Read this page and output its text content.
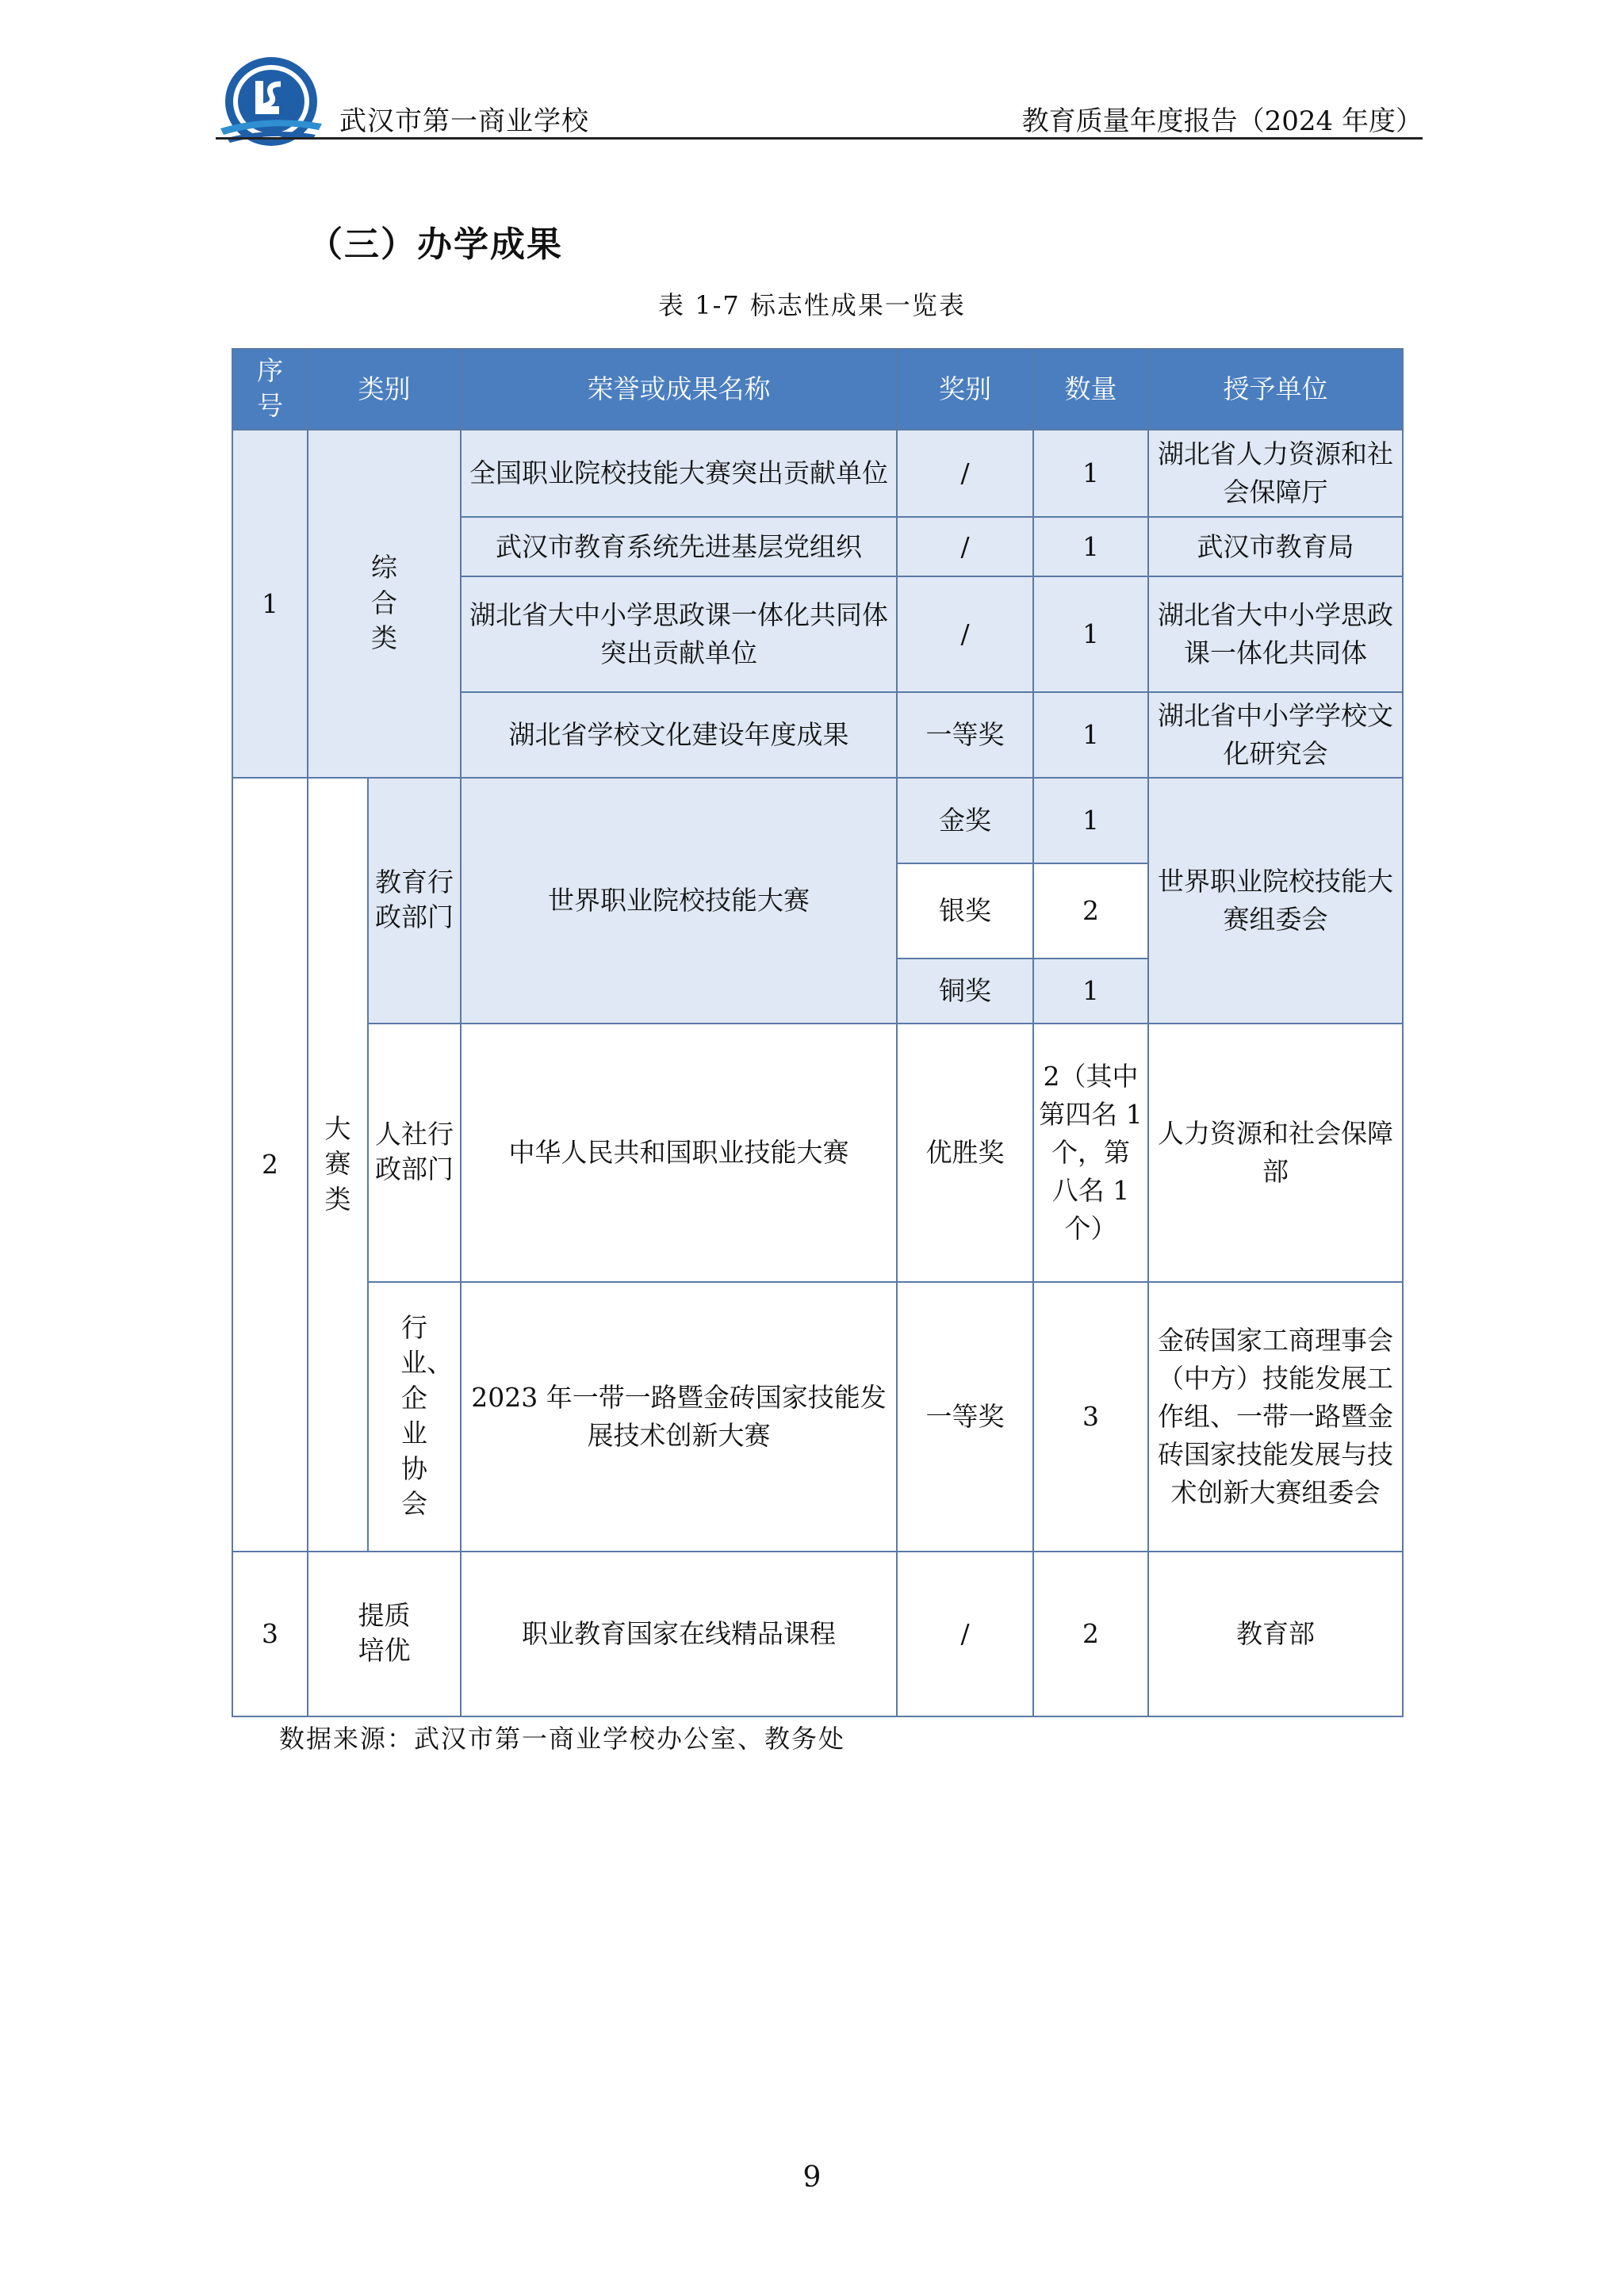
武汉市第一商业学校	教育质量年度报告（2024 年度）
（三）办学成果
表 1-7 标志性成果一览表
序号	类别		荣誉或成果名称	奖别	数量	授予单位
1	综合类		全国职业院校技能大赛突出贡献单位	/	1	湖北省人力资源和社会保障厅
			武汉市教育系统先进基层党组织	/	1	武汉市教育局
			湖北省大中小学思政课一体化共同体突出贡献单位	/	1	湖北省大中小学思政课一体化共同体
			湖北省学校文化建设年度成果	一等奖	1	湖北省中小学学校文化研究会
2	大赛类	教育行政部门	世界职业院校技能大赛	金奖	1	世界职业院校技能大赛组委会
				银奖	2	
				铜奖	1	
		人社行政部门	中华人民共和国职业技能大赛	优胜奖	2（其中第四名 1 个，第八名 1 个）	人力资源和社会保障部
		行业、企业协会	2023 年一带一路暨金砖国家技能发展技术创新大赛	一等奖	3	金砖国家工商理事会（中方）技能发展工作组、一带一路暨金砖国家技能发展与技术创新大赛组委会
3	提质培优		职业教育国家在线精品课程	/	2	教育部
数据来源：武汉市第一商业学校办公室、教务处
9
